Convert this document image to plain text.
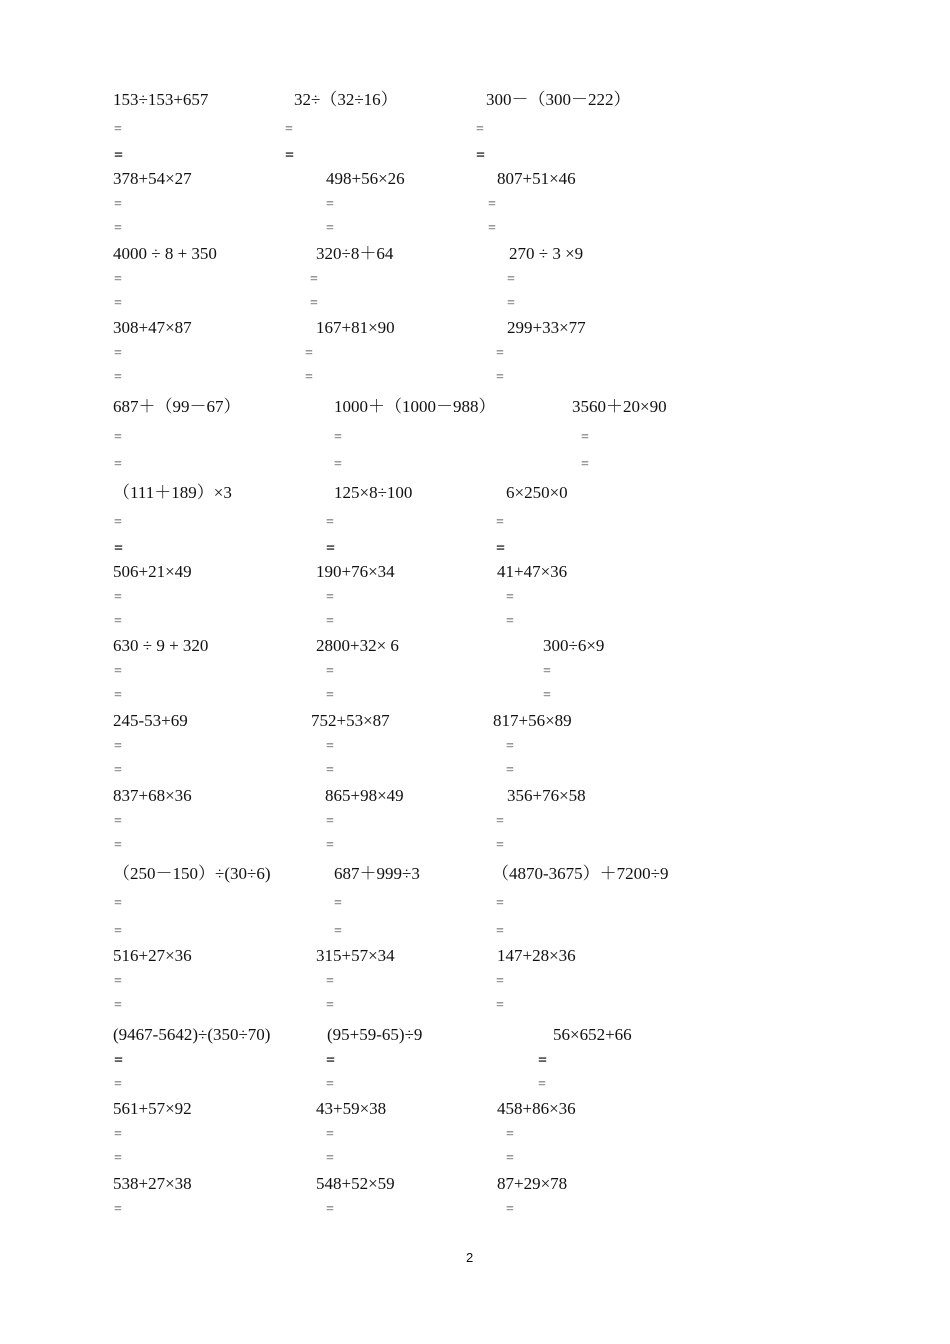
153÷153+657
=
=
32÷（32÷16）
=
=
300－（300－222）
=
=
378+54×27
=
=
498+56×26
=
=
807+51×46
=
=
4000 ÷ 8 + 350
=
=
320÷8＋64
=
=
270 ÷ 3 ×9
=
=
308+47×87
=
=
167+81×90
=
=
299+33×77
=
=
687＋（99－67）
=
=
1000＋（1000－988）
=
=
3560＋20×90
=
=
（111＋189）×3
=
=
125×8÷100
=
=
6×250×0
=
=
506+21×49
=
=
190+76×34
=
=
41+47×36
=
=
630 ÷ 9 + 320
=
=
2800+32× 6
=
=
300÷6×9
=
=
245-53+69
=
=
752+53×87
=
=
817+56×89
=
=
837+68×36
=
=
865+98×49
=
=
356+76×58
=
=
（250－150）÷(30÷6)
=
=
687＋999÷3
=
=
（4870-3675）＋7200÷9
=
=
516+27×36
=
=
315+57×34
=
=
147+28×36
=
=
(9467-5642)÷(350÷70)
=
=
(95+59-65)÷9
=
=
56×652+66
=
=
561+57×92
=
=
43+59×38
=
=
458+86×36
=
=
538+27×38
=
548+52×59
=
87+29×78
=
2
